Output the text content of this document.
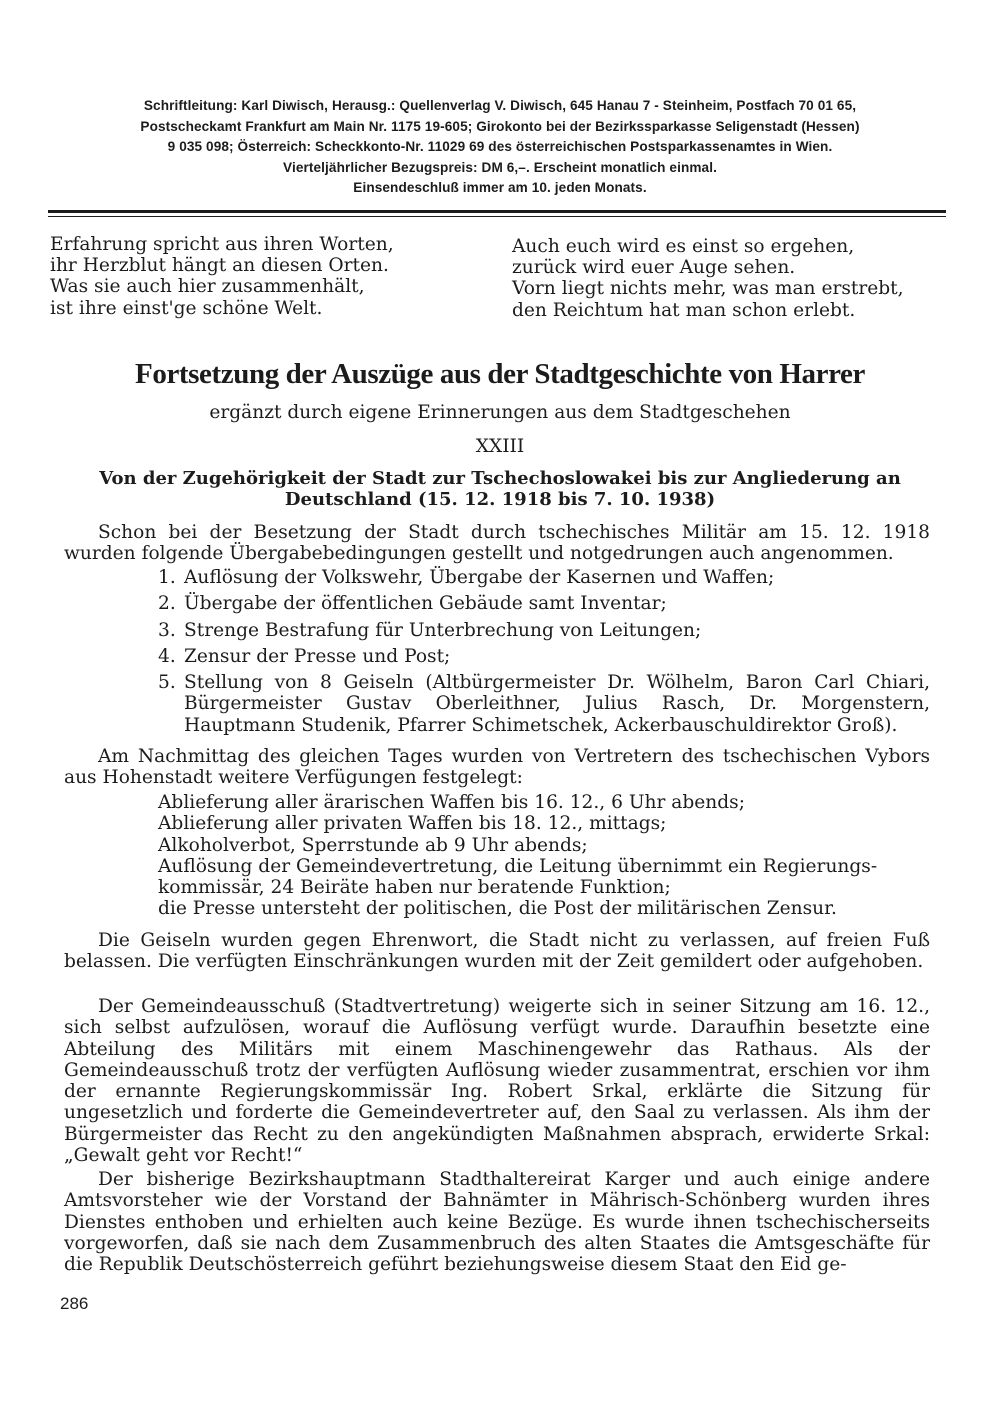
Schriftleitung: Karl Diwisch, Herausg.: Quellenverlag V. Diwisch, 645 Hanau 7 - Steinheim, Postfach 70 01 65,
Postscheckamt Frankfurt am Main Nr. 1175 19-605; Girokonto bei der Bezirkssparkasse Seligenstadt (Hessen)
9 035 098; Österreich: Scheckkonto-Nr. 11029 69 des österreichischen Postsparkassenamtes in Wien.
Vierteljährlicher Bezugspreis: DM 6,–. Erscheint monatlich einmal.
Einsendeschluß immer am 10. jeden Monats.
Erfahrung spricht aus ihren Worten,
ihr Herzblut hängt an diesen Orten.
Was sie auch hier zusammenhält,
ist ihre einst'ge schöne Welt.
Auch euch wird es einst so ergehen,
zurück wird euer Auge sehen.
Vorn liegt nichts mehr, was man erstrebt,
den Reichtum hat man schon erlebt.
Fortsetzung der Auszüge aus der Stadtgeschichte von Harrer
ergänzt durch eigene Erinnerungen aus dem Stadtgeschehen
XXIII
Von der Zugehörigkeit der Stadt zur Tschechoslowakei bis zur Angliederung an Deutschland (15. 12. 1918 bis 7. 10. 1938)

Schon bei der Besetzung der Stadt durch tschechisches Militär am 15. 12. 1918 wurden folgende Übergabebedingungen gestellt und notgedrungen auch angenommen.

1. Auflösung der Volkswehr, Übergabe der Kasernen und Waffen;
2. Übergabe der öffentlichen Gebäude samt Inventar;
3. Strenge Bestrafung für Unterbrechung von Leitungen;
4. Zensur der Presse und Post;
5. Stellung von 8 Geiseln (Altbürgermeister Dr. Wölhelm, Baron Carl Chiari, Bürgermeister Gustav Oberleithner, Julius Rasch, Dr. Morgenstern, Hauptmann Studenik, Pfarrer Schimetschek, Ackerbauschuldirektor Groß).

Am Nachmittag des gleichen Tages wurden von Vertretern des tschechischen Vybors aus Hohenstadt weitere Verfügungen festgelegt:

Ablieferung aller ärarischen Waffen bis 16. 12., 6 Uhr abends;
Ablieferung aller privaten Waffen bis 18. 12., mittags;
Alkoholverbot, Sperrstunde ab 9 Uhr abends;
Auflösung der Gemeindevertretung, die Leitung übernimmt ein Regierungs-
kommissär, 24 Beiräte haben nur beratende Funktion;
die Presse untersteht der politischen, die Post der militärischen Zensur.

Die Geiseln wurden gegen Ehrenwort, die Stadt nicht zu verlassen, auf freien Fuß belassen. Die verfügten Einschränkungen wurden mit der Zeit gemildert oder aufgehoben.

Der Gemeindeausschuß (Stadtvertretung) weigerte sich in seiner Sitzung am 16. 12., sich selbst aufzulösen, worauf die Auflösung verfügt wurde. Daraufhin besetzte eine Abteilung des Militärs mit einem Maschinengewehr das Rathaus. Als der Gemeindeausschuß trotz der verfügten Auflösung wieder zusammentrat, erschien vor ihm der ernannte Regierungskommissär Ing. Robert Srkal, erklärte die Sitzung für ungesetzlich und forderte die Gemeindevertreter auf, den Saal zu verlassen. Als ihm der Bürgermeister das Recht zu den angekündigten Maßnahmen absprach, erwiderte Srkal: „Gewalt geht vor Recht!“

Der bisherige Bezirkshauptmann Stadthaltereirat Karger und auch einige andere Amtsvorsteher wie der Vorstand der Bahnämter in Mährisch-Schönberg wurden ihres Dienstes enthoben und erhielten auch keine Bezüge. Es wurde ihnen tschechischerseits vorgeworfen, daß sie nach dem Zusammenbruch des alten Staates die Amtsgeschäfte für die Republik Deutschösterreich geführt beziehungsweise diesem Staat den Eid ge-

286
